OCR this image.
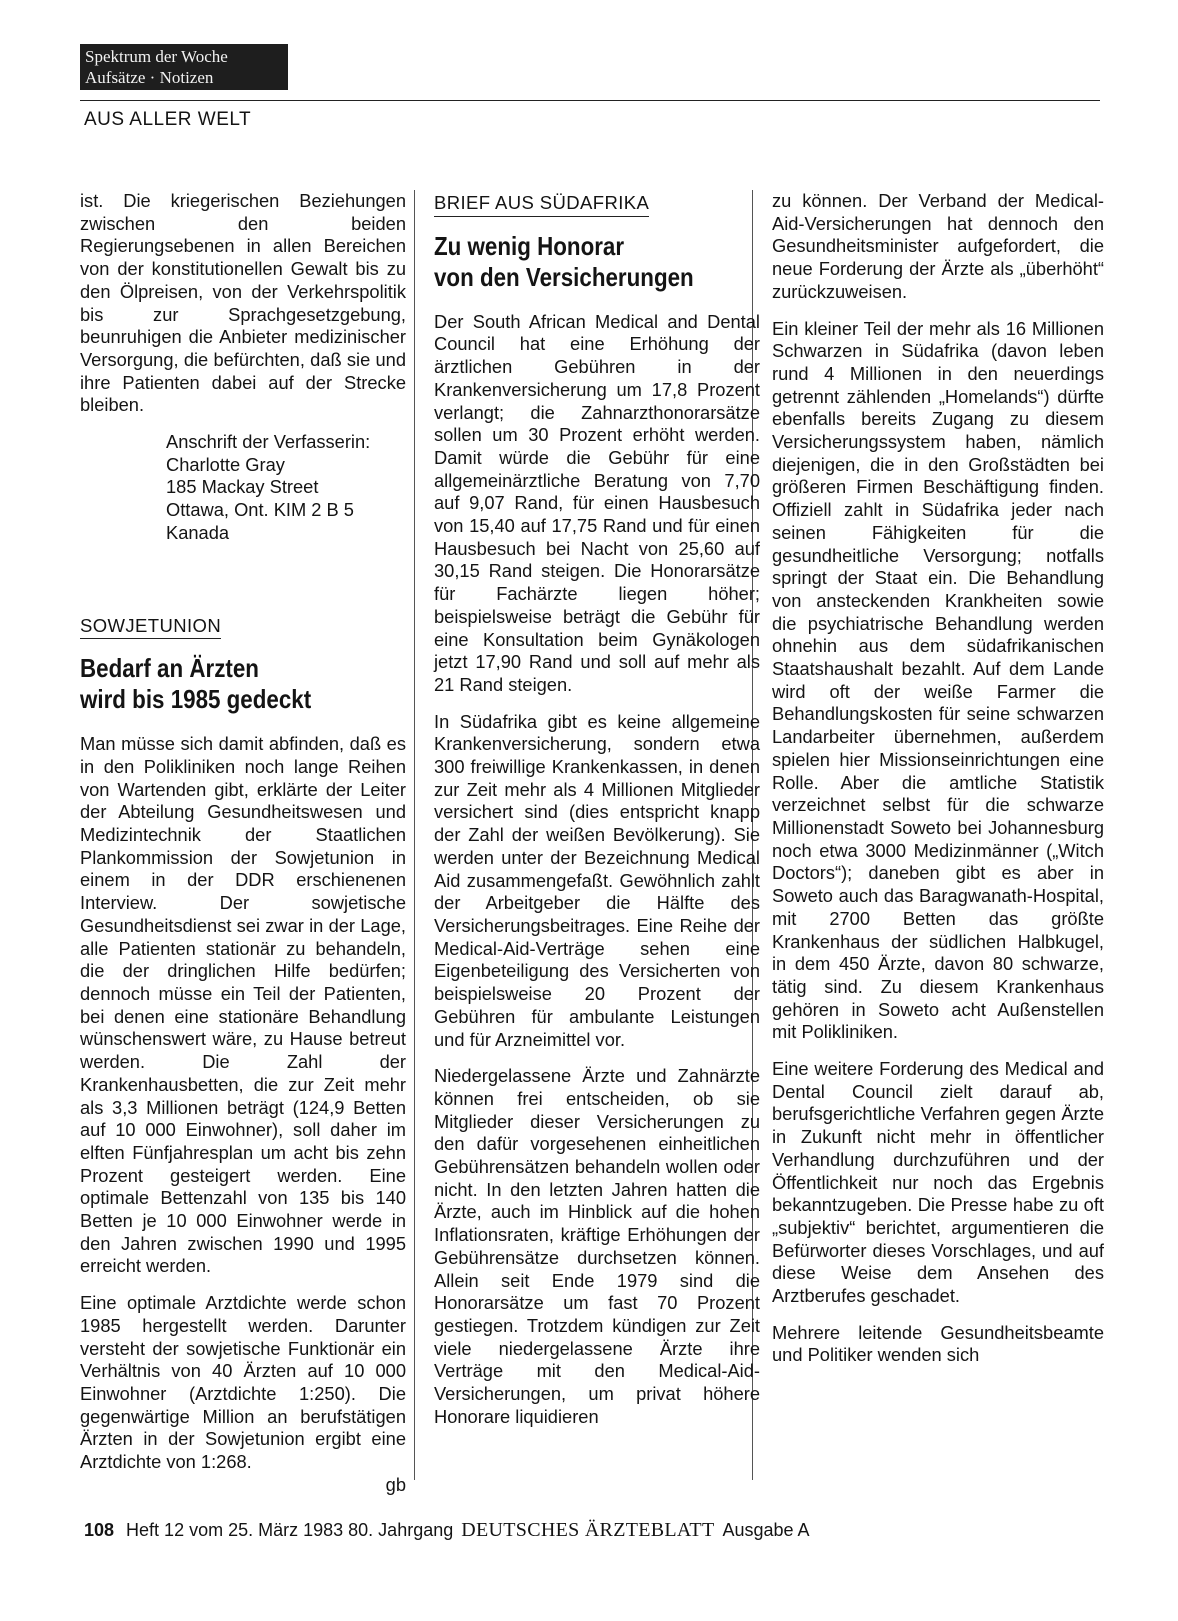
Spektrum der Woche
Aufsätze · Notizen
AUS ALLER WELT

ist. Die kriegerischen Beziehungen zwischen den beiden Regierungsebenen in allen Bereichen von der konstitutionellen Gewalt bis zu den Ölpreisen, von der Verkehrspolitik bis zur Sprachgesetzgebung, beunruhigen die Anbieter medizinischer Versorgung, die befürchten, daß sie und ihre Patienten dabei auf der Strecke bleiben.

Anschrift der Verfasserin:
Charlotte Gray
185 Mackay Street
Ottawa, Ont. KIM 2 B 5
Kanada
SOWJETUNION
Bedarf an Ärzten
wird bis 1985 gedeckt

Man müsse sich damit abfinden, daß es in den Polikliniken noch lange Reihen von Wartenden gibt, erklärte der Leiter der Abteilung Gesundheitswesen und Medizintechnik der Staatlichen Plankommission der Sowjetunion in einem in der DDR erschienenen Interview. Der sowjetische Gesundheitsdienst sei zwar in der Lage, alle Patienten stationär zu behandeln, die der dringlichen Hilfe bedürfen; dennoch müsse ein Teil der Patienten, bei denen eine stationäre Behandlung wünschenswert wäre, zu Hause betreut werden. Die Zahl der Krankenhausbetten, die zur Zeit mehr als 3,3 Millionen beträgt (124,9 Betten auf 10 000 Einwohner), soll daher im elften Fünfjahresplan um acht bis zehn Prozent gesteigert werden. Eine optimale Bettenzahl von 135 bis 140 Betten je 10 000 Einwohner werde in den Jahren zwischen 1990 und 1995 erreicht werden.

Eine optimale Arztdichte werde schon 1985 hergestellt werden. Darunter versteht der sowjetische Funktionär ein Verhältnis von 40 Ärzten auf 10 000 Einwohner (Arztdichte 1:250). Die gegenwärtige Million an berufstätigen Ärzten in der Sowjetunion ergibt eine Arztdichte von 1:268.

gb
BRIEF AUS SÜDAFRIKA
Zu wenig Honorar
von den Versicherungen

Der South African Medical and Dental Council hat eine Erhöhung der ärztlichen Gebühren in der Krankenversicherung um 17,8 Prozent verlangt; die Zahnarzthonorarsätze sollen um 30 Prozent erhöht werden. Damit würde die Gebühr für eine allgemeinärztliche Beratung von 7,70 auf 9,07 Rand, für einen Hausbesuch von 15,40 auf 17,75 Rand und für einen Hausbesuch bei Nacht von 25,60 auf 30,15 Rand steigen. Die Honorarsätze für Fachärzte liegen höher; beispielsweise beträgt die Gebühr für eine Konsultation beim Gynäkologen jetzt 17,90 Rand und soll auf mehr als 21 Rand steigen.

In Südafrika gibt es keine allgemeine Krankenversicherung, sondern etwa 300 freiwillige Krankenkassen, in denen zur Zeit mehr als 4 Millionen Mitglieder versichert sind (dies entspricht knapp der Zahl der weißen Bevölkerung). Sie werden unter der Bezeichnung Medical Aid zusammengefaßt. Gewöhnlich zahlt der Arbeitgeber die Hälfte des Versicherungsbeitrages. Eine Reihe der Medical-Aid-Verträge sehen eine Eigenbeteiligung des Versicherten von beispielsweise 20 Prozent der Gebühren für ambulante Leistungen und für Arzneimittel vor.

Niedergelassene Ärzte und Zahnärzte können frei entscheiden, ob sie Mitglieder dieser Versicherungen zu den dafür vorgesehenen einheitlichen Gebührensätzen behandeln wollen oder nicht. In den letzten Jahren hatten die Ärzte, auch im Hinblick auf die hohen Inflationsraten, kräftige Erhöhungen der Gebührensätze durchsetzen können. Allein seit Ende 1979 sind die Honorarsätze um fast 70 Prozent gestiegen. Trotzdem kündigen zur Zeit viele niedergelassene Ärzte ihre Verträge mit den Medical-Aid-Versicherungen, um privat höhere Honorare liquidieren

zu können. Der Verband der Medical-Aid-Versicherungen hat dennoch den Gesundheitsminister aufgefordert, die neue Forderung der Ärzte als „überhöht“ zurückzuweisen.

Ein kleiner Teil der mehr als 16 Millionen Schwarzen in Südafrika (davon leben rund 4 Millionen in den neuerdings getrennt zählenden „Homelands“) dürfte ebenfalls bereits Zugang zu diesem Versicherungssystem haben, nämlich diejenigen, die in den Großstädten bei größeren Firmen Beschäftigung finden. Offiziell zahlt in Südafrika jeder nach seinen Fähigkeiten für die gesundheitliche Versorgung; notfalls springt der Staat ein. Die Behandlung von ansteckenden Krankheiten sowie die psychiatrische Behandlung werden ohnehin aus dem südafrikanischen Staatshaushalt bezahlt. Auf dem Lande wird oft der weiße Farmer die Behandlungskosten für seine schwarzen Landarbeiter übernehmen, außerdem spielen hier Missionseinrichtungen eine Rolle. Aber die amtliche Statistik verzeichnet selbst für die schwarze Millionenstadt Soweto bei Johannesburg noch etwa 3000 Medizinmänner („Witch Doctors“); daneben gibt es aber in Soweto auch das Baragwanath-Hospital, mit 2700 Betten das größte Krankenhaus der südlichen Halbkugel, in dem 450 Ärzte, davon 80 schwarze, tätig sind. Zu diesem Krankenhaus gehören in Soweto acht Außenstellen mit Polikliniken.

Eine weitere Forderung des Medical and Dental Council zielt darauf ab, berufsgerichtliche Verfahren gegen Ärzte in Zukunft nicht mehr in öffentlicher Verhandlung durchzuführen und der Öffentlichkeit nur noch das Ergebnis bekanntzugeben. Die Presse habe zu oft „subjektiv“ berichtet, argumentieren die Befürworter dieses Vorschlages, und auf diese Weise dem Ansehen des Arztberufes geschadet.

Mehrere leitende Gesundheitsbeamte und Politiker wenden sich

108 Heft 12 vom 25. März 1983 80. Jahrgang DEUTSCHES ÄRZTEBLATT Ausgabe A
